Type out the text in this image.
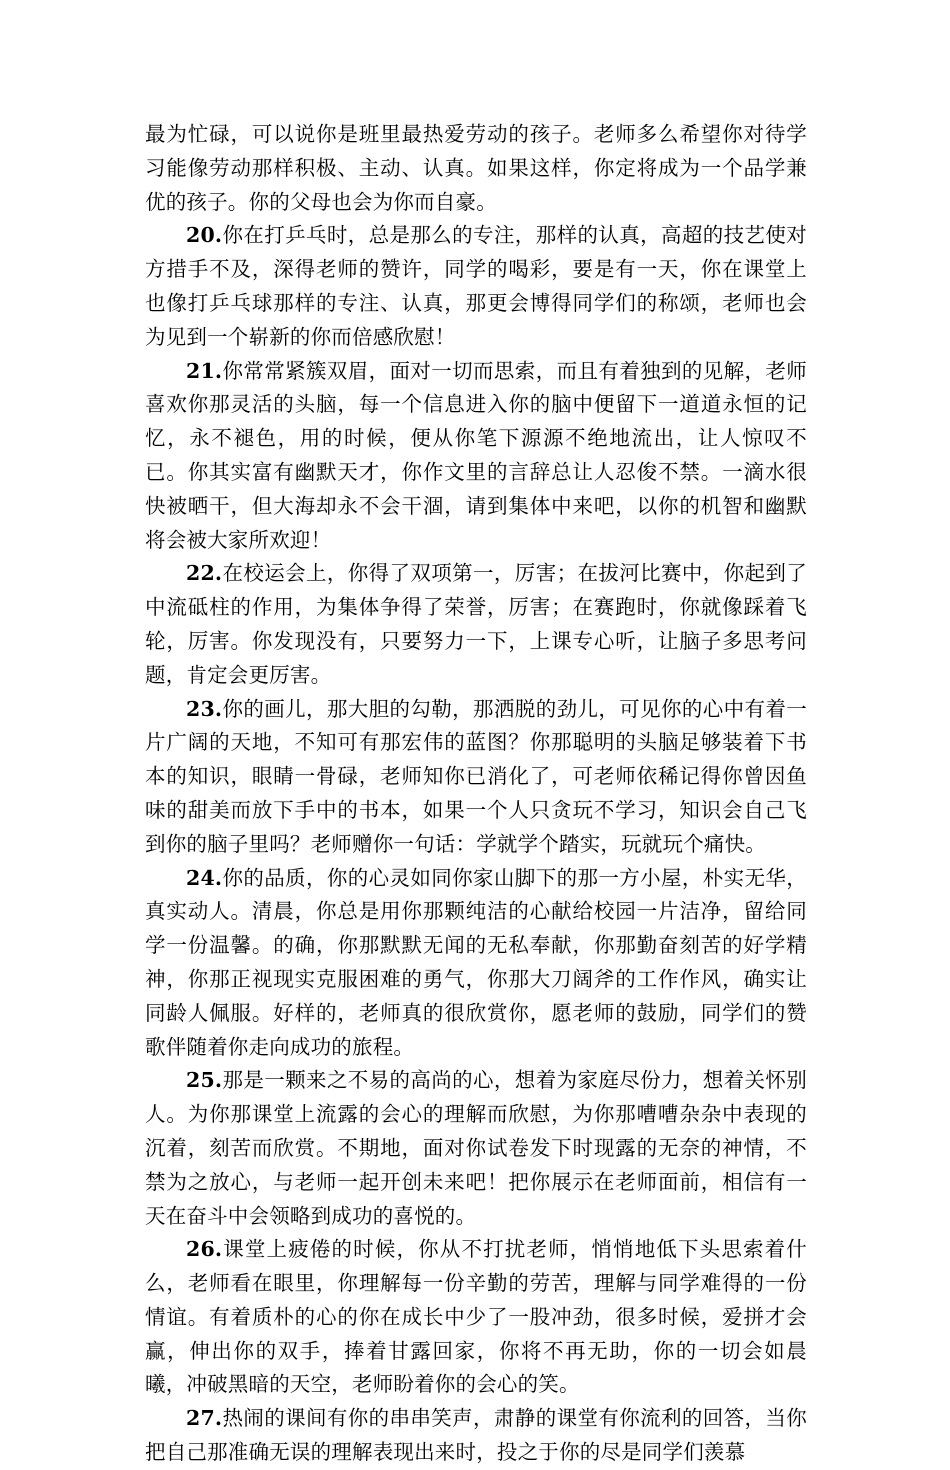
最为忙碌，可以说你是班里最热爱劳动的孩子。老师多么希望你对待学习能像劳动那样积极、主动、认真。如果这样，你定将成为一个品学兼优的孩子。你的父母也会为你而自豪。

20.你在打乒乓时，总是那么的专注，那样的认真，高超的技艺使对方措手不及，深得老师的赞许，同学的喝彩，要是有一天，你在课堂上也像打乒乓球那样的专注、认真，那更会博得同学们的称颂，老师也会为见到一个崭新的你而倍感欣慰！

21.你常常紧簇双眉，面对一切而思索，而且有着独到的见解，老师喜欢你那灵活的头脑，每一个信息进入你的脑中便留下一道道永恒的记忆，永不褪色，用的时候，便从你笔下源源不绝地流出，让人惊叹不已。你其实富有幽默天才，你作文里的言辞总让人忍俊不禁。一滴水很快被晒干，但大海却永不会干涸，请到集体中来吧，以你的机智和幽默将会被大家所欢迎！

22.在校运会上，你得了双项第一，厉害；在拔河比赛中，你起到了中流砥柱的作用，为集体争得了荣誉，厉害；在赛跑时，你就像踩着飞轮，厉害。你发现没有，只要努力一下，上课专心听，让脑子多思考问题，肯定会更厉害。

23.你的画儿，那大胆的勾勒，那洒脱的劲儿，可见你的心中有着一片广阔的天地，不知可有那宏伟的蓝图？你那聪明的头脑足够装着下书本的知识，眼睛一骨碌，老师知你已消化了，可老师依稀记得你曾因鱼味的甜美而放下手中的书本，如果一个人只贪玩不学习，知识会自己飞到你的脑子里吗？老师赠你一句话：学就学个踏实，玩就玩个痛快。

24.你的品质，你的心灵如同你家山脚下的那一方小屋，朴实无华，真实动人。清晨，你总是用你那颗纯洁的心献给校园一片洁净，留给同学一份温馨。的确，你那默默无闻的无私奉献，你那勤奋刻苦的好学精神，你那正视现实克服困难的勇气，你那大刀阔斧的工作作风，确实让同龄人佩服。好样的，老师真的很欣赏你，愿老师的鼓励，同学们的赞歌伴随着你走向成功的旅程。

25.那是一颗来之不易的高尚的心，想着为家庭尽份力，想着关怀别人。为你那课堂上流露的会心的理解而欣慰，为你那嘈嘈杂杂中表现的沉着，刻苦而欣赏。不期地，面对你试卷发下时现露的无奈的神情，不禁为之放心，与老师一起开创未来吧！把你展示在老师面前，相信有一天在奋斗中会领略到成功的喜悦的。

26.课堂上疲倦的时候，你从不打扰老师，悄悄地低下头思索着什么，老师看在眼里，你理解每一份辛勤的劳苦，理解与同学难得的一份情谊。有着质朴的心的你在成长中少了一股冲劲，很多时候，爱拼才会赢，伸出你的双手，捧着甘露回家，你将不再无助，你的一切会如晨曦，冲破黑暗的天空，老师盼着你的会心的笑。

27.热闹的课间有你的串串笑声，肃静的课堂有你流利的回答，当你把自己那准确无误的理解表现出来时，投之于你的尽是同学们羡慕
